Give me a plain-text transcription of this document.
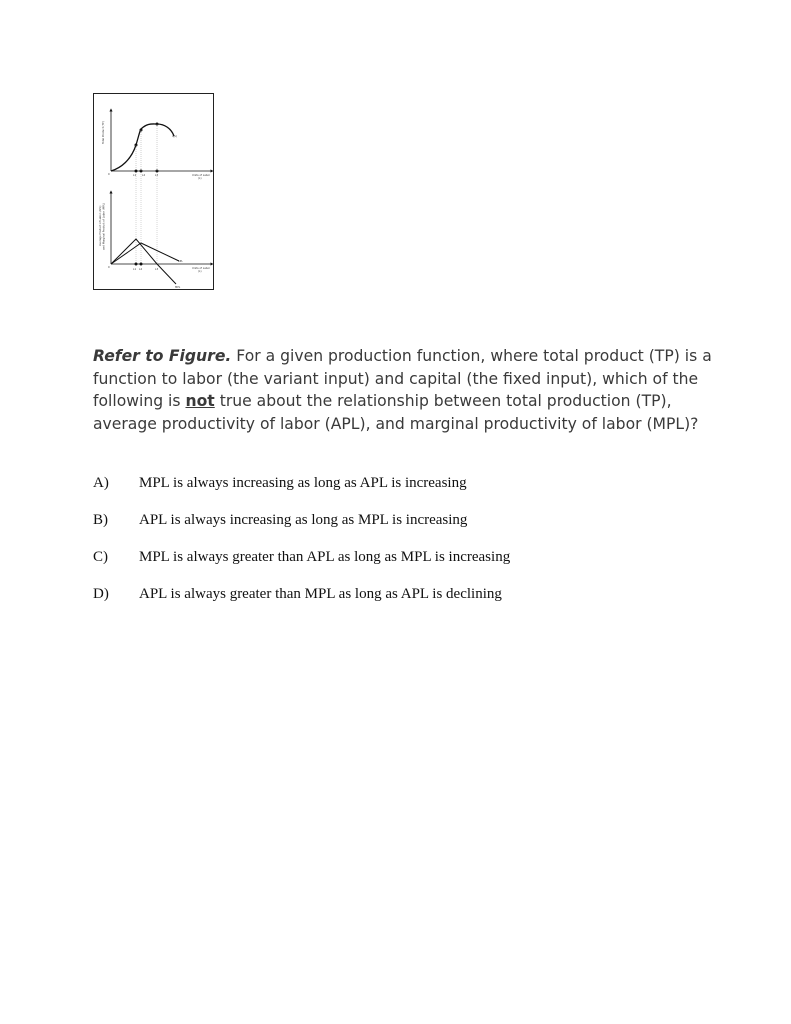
q(L)
0	L1 L2	L3	Units of Labor
(L)
Total Product (TP)
0
L1 L2	L3
APL
MPL
Units of Labor
(L)
Average Product of Labor (APL) and Marginal Product of Labor (MPL)
Refer to Figure. For a given production function, where total product (TP) is a function to labor (the variant input) and capital (the fixed input), which of the following is not true about the relationship between total production (TP), average productivity of labor (APL), and marginal productivity of labor (MPL)?
A) MPL is always increasing as long as APL is increasing
B) APL is always increasing as long as MPL is increasing
C) MPL is always greater than APL as long as MPL is increasing
D) APL is always greater than MPL as long as APL is declining
